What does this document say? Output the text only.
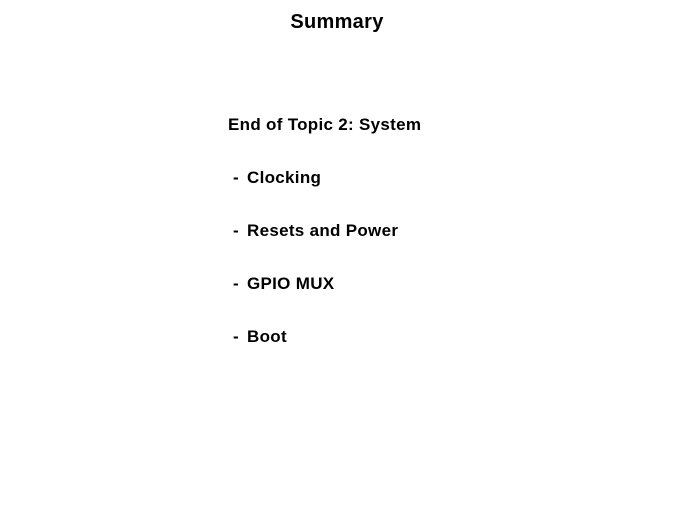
Summary
End of Topic 2: System
- Clocking
- Resets and Power
- GPIO MUX
- Boot
